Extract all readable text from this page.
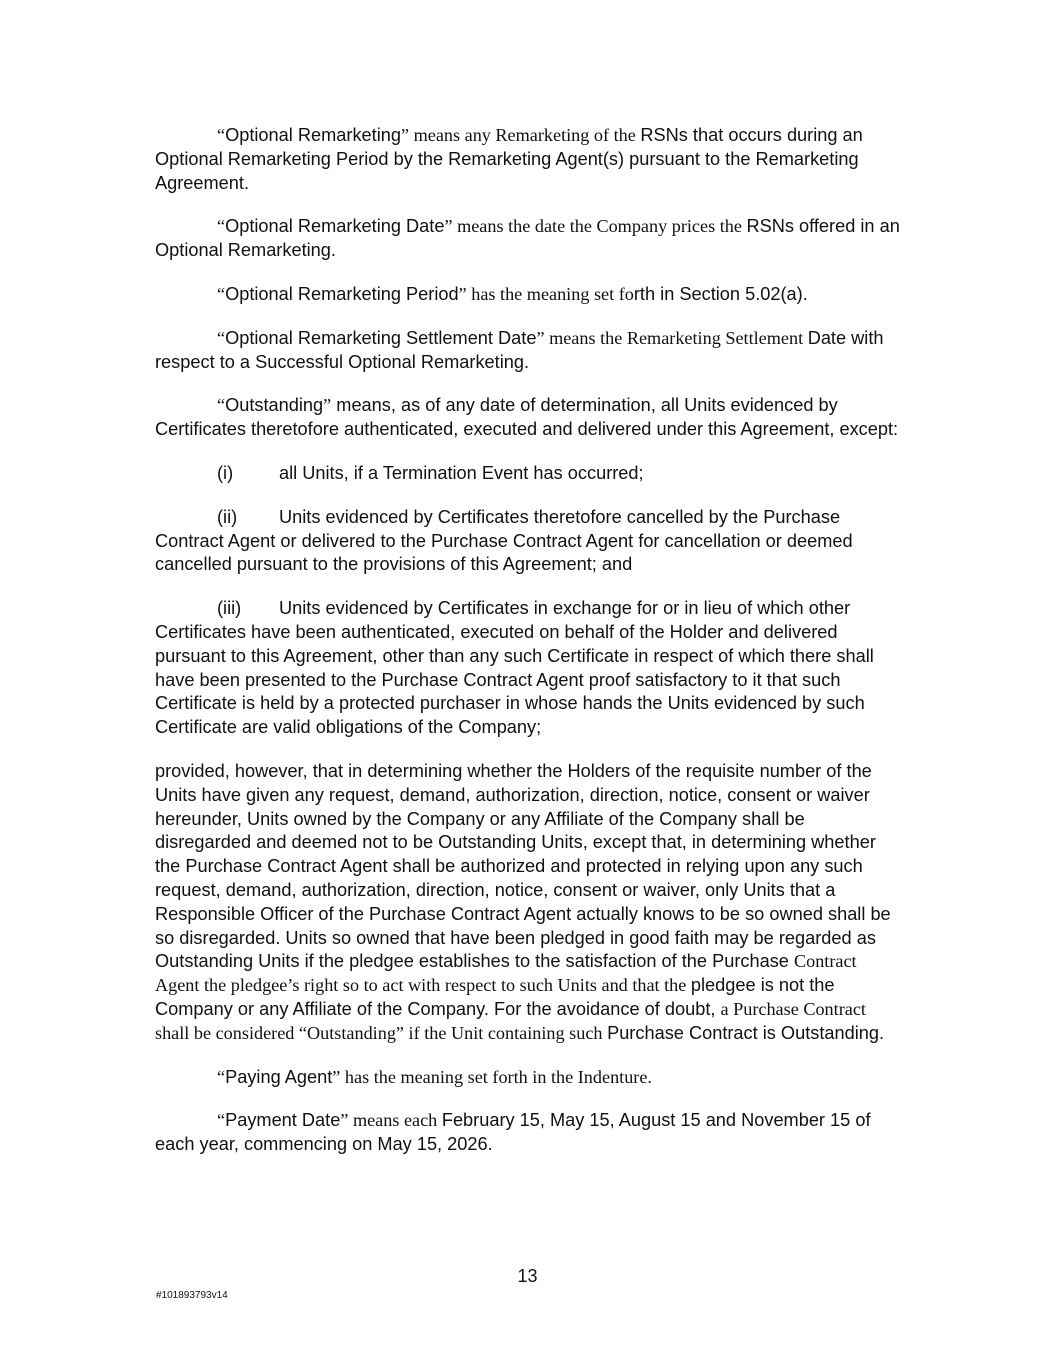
“Optional Remarketing” means any Remarketing of the RSNs that occurs during an Optional Remarketing Period by the Remarketing Agent(s) pursuant to the Remarketing Agreement.

“Optional Remarketing Date” means the date the Company prices the RSNs offered in an Optional Remarketing.

“Optional Remarketing Period” has the meaning set forth in Section 5.02(a).

“Optional Remarketing Settlement Date” means the Remarketing Settlement Date with respect to a Successful Optional Remarketing.

“Outstanding” means, as of any date of determination, all Units evidenced by Certificates theretofore authenticated, executed and delivered under this Agreement, except:

(i)	all Units, if a Termination Event has occurred;

(ii) Units evidenced by Certificates theretofore cancelled by the Purchase Contract Agent or delivered to the Purchase Contract Agent for cancellation or deemed cancelled pursuant to the provisions of this Agreement; and

(iii) Units evidenced by Certificates in exchange for or in lieu of which other Certificates have been authenticated, executed on behalf of the Holder and delivered pursuant to this Agreement, other than any such Certificate in respect of which there shall have been presented to the Purchase Contract Agent proof satisfactory to it that such Certificate is held by a protected purchaser in whose hands the Units evidenced by such Certificate are valid obligations of the Company;

provided, however, that in determining whether the Holders of the requisite number of the Units have given any request, demand, authorization, direction, notice, consent or waiver hereunder, Units owned by the Company or any Affiliate of the Company shall be disregarded and deemed not to be Outstanding Units, except that, in determining whether the Purchase Contract Agent shall be authorized and protected in relying upon any such request, demand, authorization, direction, notice, consent or waiver, only Units that a Responsible Officer of the Purchase Contract Agent actually knows to be so owned shall be so disregarded. Units so owned that have been pledged in good faith may be regarded as Outstanding Units if the pledgee establishes to the satisfaction of the Purchase Contract Agent the pledgee’s right so to act with respect to such Units and that the pledgee is not the Company or any Affiliate of the Company. For the avoidance of doubt, a Purchase Contract shall be considered “Outstanding” if the Unit containing such Purchase Contract is Outstanding.

“Paying Agent” has the meaning set forth in the Indenture.

“Payment Date” means each February 15, May 15, August 15 and November 15 of each year, commencing on May 15, 2026.

13
#101893793v14
